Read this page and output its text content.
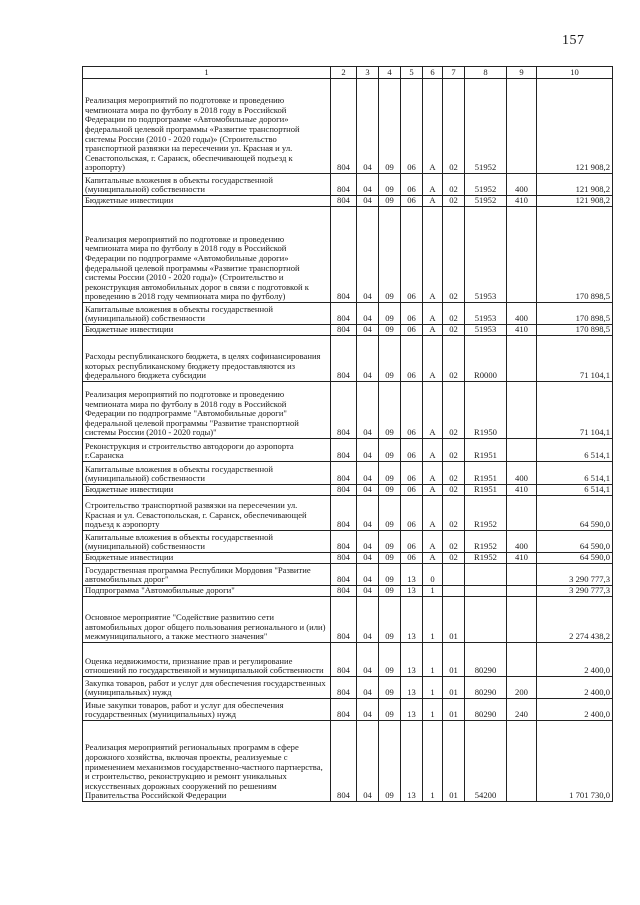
157
1	2	3	4	5	6	7	8	9	10
Реализация мероприятий по подготовке и проведению чемпионата мира по футболу в 2018 году в Российской Федерации по подпрограмме «Автомобильные дороги» федеральной целевой программы «Развитие транспортной системы России (2010 - 2020 годы)» (Строительство транспортной развязки на пересечении ул. Красная и ул. Севастопольская, г. Саранск, обеспечивающей подъезд к аэропорту)	804	04	09	06	А	02	51952		121 908,2
Капитальные вложения в объекты государственной (муниципальной) собственности	804	04	09	06	А	02	51952	400	121 908,2
Бюджетные инвестиции	804	04	09	06	А	02	51952	410	121 908,2
Реализация мероприятий по подготовке и проведению чемпионата мира по футболу в 2018 году в Российской Федерации по подпрограмме «Автомобильные дороги» федеральной целевой программы «Развитие транспортной системы России (2010 - 2020 годы)» (Строительство и реконструкция автомобильных дорог в связи с подготовкой к проведению в 2018 году чемпионата мира по футболу)	804	04	09	06	А	02	51953		170 898,5
Капитальные вложения в объекты государственной (муниципальной) собственности	804	04	09	06	А	02	51953	400	170 898,5
Бюджетные инвестиции	804	04	09	06	А	02	51953	410	170 898,5
Расходы республиканского бюджета, в целях софинансирования которых республиканскому бюджету предоставляются из федерального бюджета субсидии	804	04	09	06	А	02	R0000		71 104,1
Реализация мероприятий по подготовке и проведению чемпионата мира по футболу в 2018 году в Российской Федерации по подпрограмме "Автомобильные дороги" федеральной целевой программы "Развитие транспортной системы России (2010 - 2020 годы)"	804	04	09	06	А	02	R1950		71 104,1
Реконструкция и строительство автодороги до аэропорта г.Саранска	804	04	09	06	А	02	R1951		6 514,1
Капитальные вложения в объекты государственной (муниципальной) собственности	804	04	09	06	А	02	R1951	400	6 514,1
Бюджетные инвестиции	804	04	09	06	А	02	R1951	410	6 514,1
Строительство транспортной развязки на пересечении ул. Красная и ул. Севастопольская, г. Саранск, обеспечивающей подъезд к аэропорту	804	04	09	06	А	02	R1952		64 590,0
Капитальные вложения в объекты государственной (муниципальной) собственности	804	04	09	06	А	02	R1952	400	64 590,0
Бюджетные инвестиции	804	04	09	06	А	02	R1952	410	64 590,0
Государственная программа Республики Мордовия "Развитие автомобильных дорог"	804	04	09	13	0				3 290 777,3
Подпрограмма "Автомобильные дороги"	804	04	09	13	1				3 290 777,3
Основное мероприятие "Содействие развитию сети автомобильных дорог общего пользования регионального и (или) межмуниципального, а также местного значения"	804	04	09	13	1	01			2 274 438,2
Оценка недвижимости, признание прав и регулирование отношений по государственной и муниципальной собственности	804	04	09	13	1	01	80290		2 400,0
Закупка товаров, работ и услуг для обеспечения государственных (муниципальных) нужд	804	04	09	13	1	01	80290	200	2 400,0
Иные закупки товаров, работ и услуг для обеспечения государственных (муниципальных) нужд	804	04	09	13	1	01	80290	240	2 400,0
Реализация мероприятий региональных программ в сфере дорожного хозяйства, включая проекты, реализуемые с применением механизмов государственно-частного партнерства, и строительство, реконструкцию и ремонт уникальных искусственных дорожных сооружений по решениям Правительства Российской Федерации	804	04	09	13	1	01	54200		1 701 730,0
